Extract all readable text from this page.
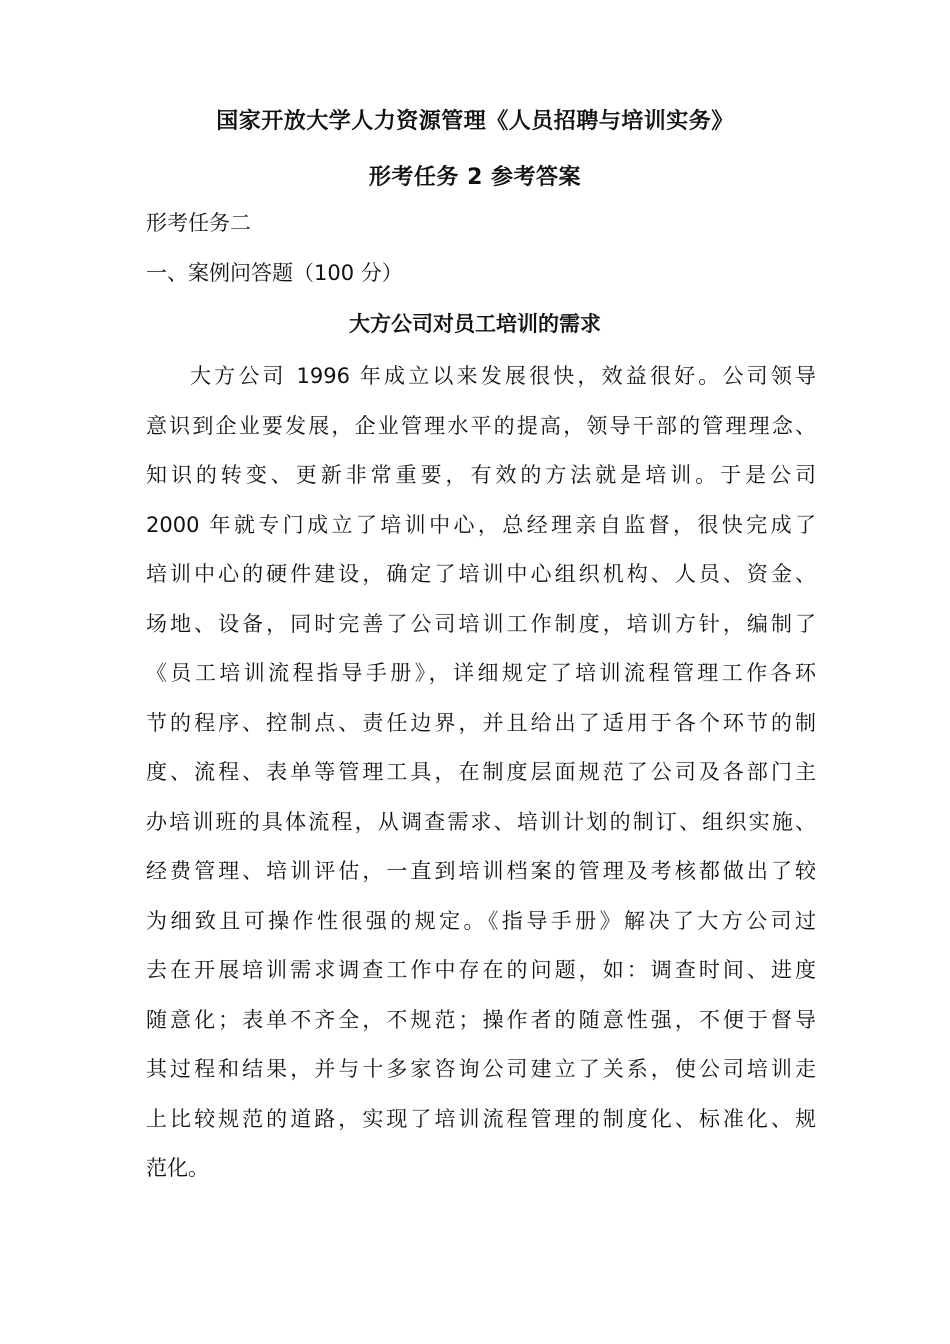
国家开放大学人力资源管理《人员招聘与培训实务》
形考任务 2 参考答案
形考任务二
一、案例问答题（100 分）
大方公司对员工培训的需求
大方公司 1996 年成立以来发展很快，效益很好。公司领导
意识到企业要发展，企业管理水平的提高，领导干部的管理理念、
知识的转变、更新非常重要，有效的方法就是培训。于是公司
2000 年就专门成立了培训中心，总经理亲自监督，很快完成了
培训中心的硬件建设，确定了培训中心组织机构、人员、资金、
场地、设备，同时完善了公司培训工作制度，培训方针，编制了
《员工培训流程指导手册》，详细规定了培训流程管理工作各环
节的程序、控制点、责任边界，并且给出了适用于各个环节的制
度、流程、表单等管理工具，在制度层面规范了公司及各部门主
办培训班的具体流程，从调查需求、培训计划的制订、组织实施、
经费管理、培训评估，一直到培训档案的管理及考核都做出了较
为细致且可操作性很强的规定。《指导手册》解决了大方公司过
去在开展培训需求调查工作中存在的问题，如：调查时间、进度
随意化；表单不齐全，不规范；操作者的随意性强，不便于督导
其过程和结果，并与十多家咨询公司建立了关系，使公司培训走
上比较规范的道路，实现了培训流程管理的制度化、标准化、规
范化。
